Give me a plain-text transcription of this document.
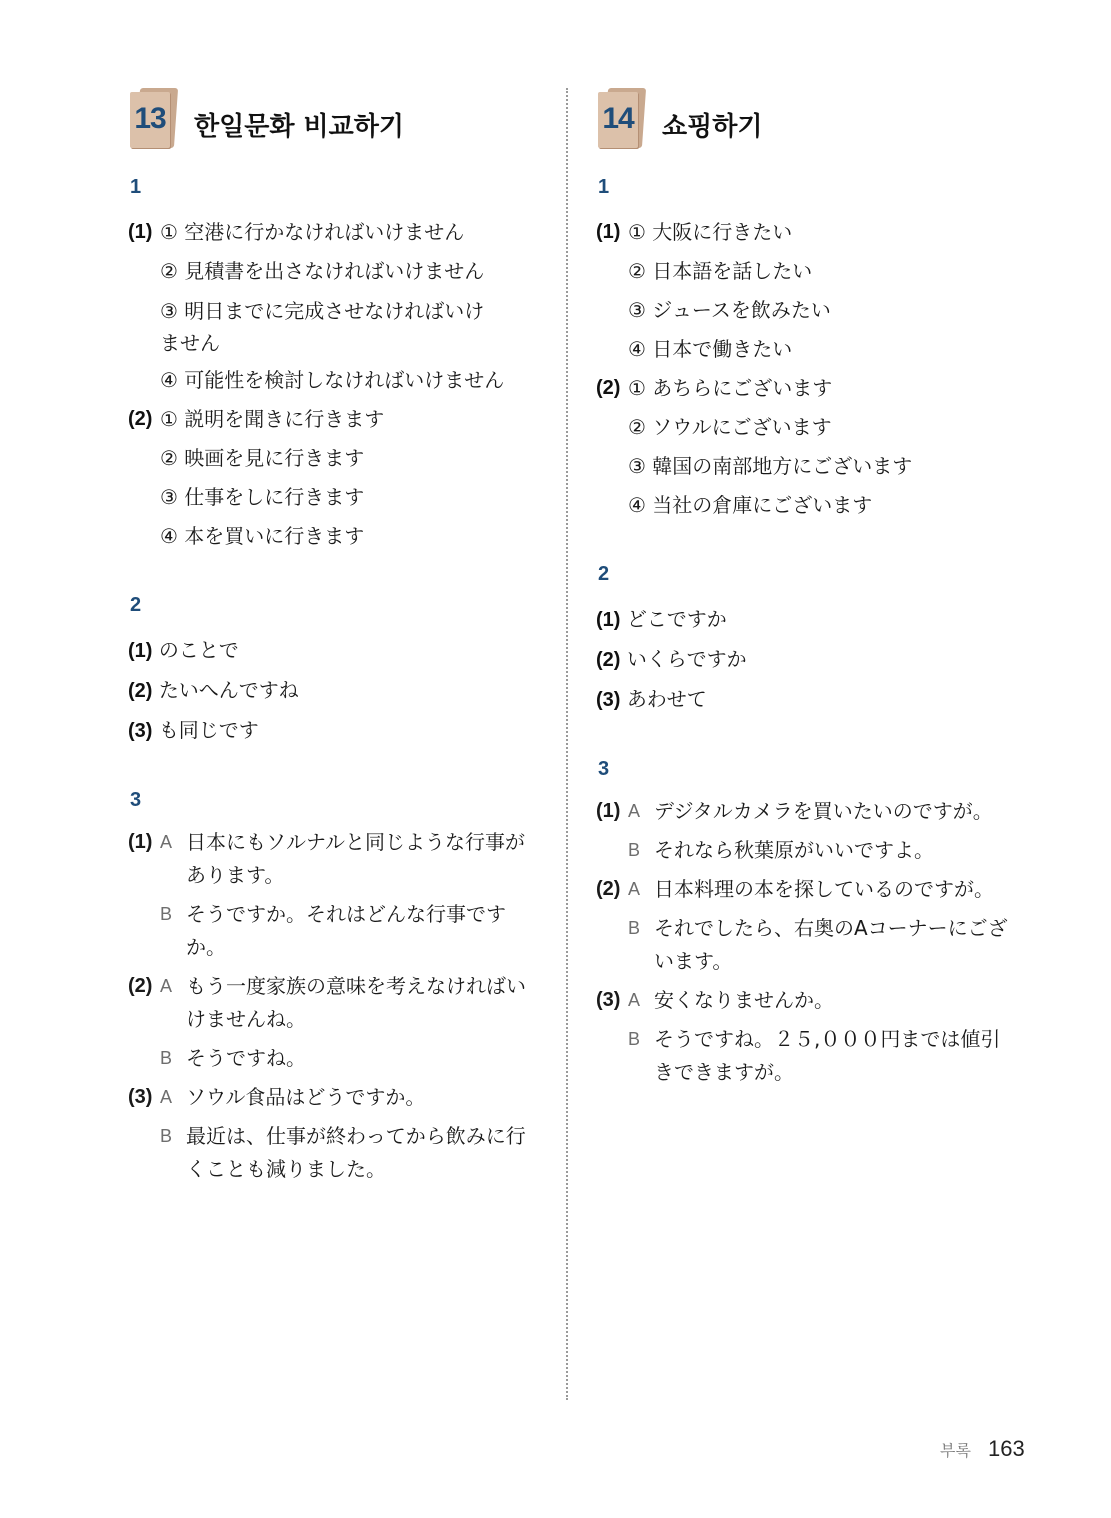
13 한일문화 비교하기
1
(1) ① 空港に行かなければいけません
② 見積書を出さなければいけません
③ 明日までに完成させなければいけません
④ 可能性を検討しなければいけません
(2) ① 説明を聞きに行きます
② 映画を見に行きます
③ 仕事をしに行きます
④ 本を買いに行きます
2
(1) のことで
(2) たいへんですね
(3) も同じです
3
(1) A 日本にもソルナルと同じような行事があります。
B そうですか。それはどんな行事ですか。
(2) A もう一度家族の意味を考えなければいけませんね。
B そうですね。
(3) A ソウル食品はどうですか。
B 最近は、仕事が終わってから飲みに行くことも減りました。
14 쇼핑하기
1
(1) ① 大阪に行きたい
② 日本語を話したい
③ ジュースを飲みたい
④ 日本で働きたい
(2) ① あちらにございます
② ソウルにございます
③ 韓国の南部地方にございます
④ 当社の倉庫にございます
2
(1) どこですか
(2) いくらですか
(3) あわせて
3
(1) A デジタルカメラを買いたいのですが。
B それなら秋葉原がいいですよ。
(2) A 日本料理の本を探しているのですが。
B それでしたら、右奥のAコーナーにございます。
(3) A 安くなりませんか。
B そうですね。２５,０００円までは値引きできますが。
부록 163
